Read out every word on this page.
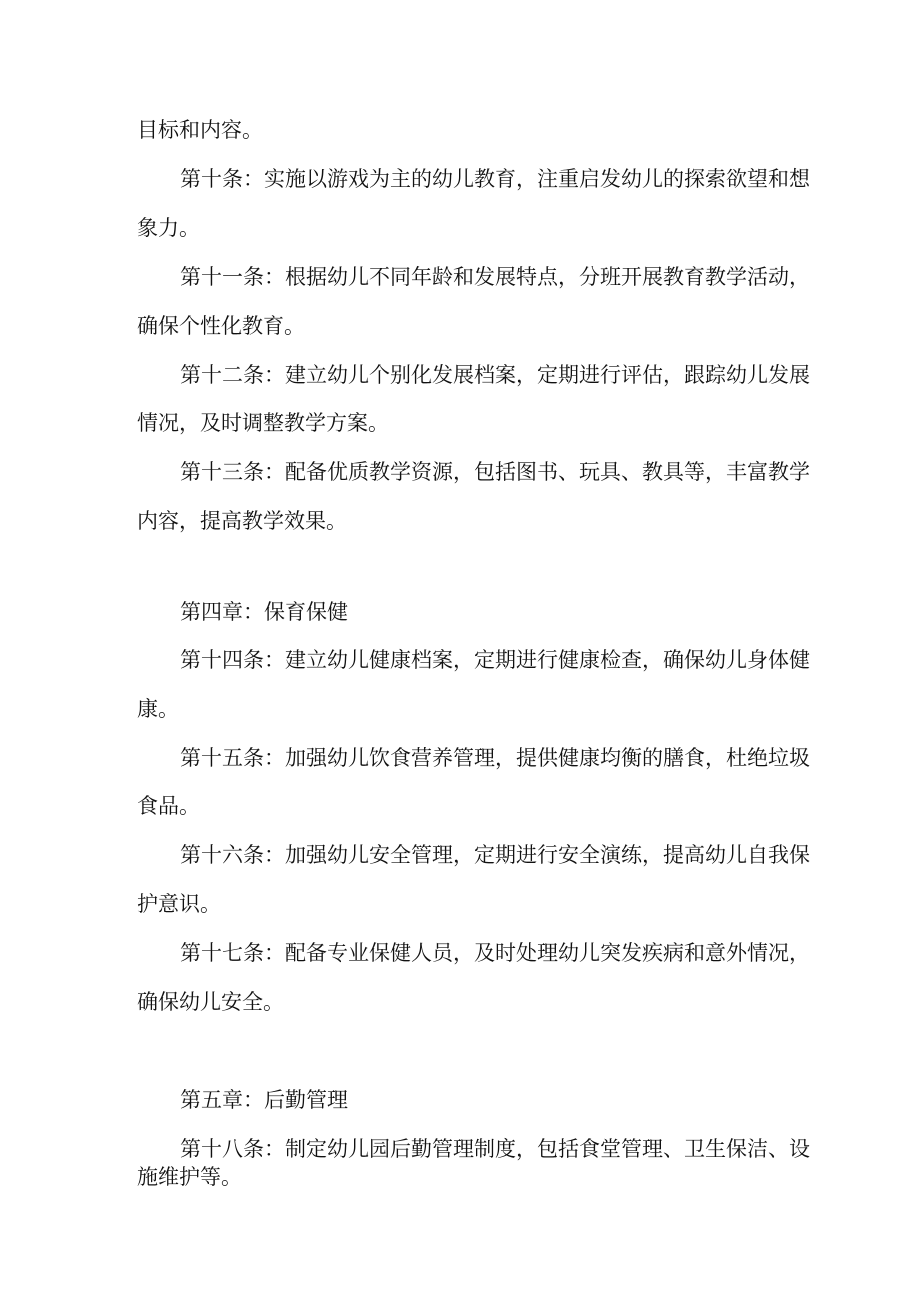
目标和内容。

第十条：实施以游戏为主的幼儿教育，注重启发幼儿的探索欲望和想

象力。

第十一条：根据幼儿不同年龄和发展特点，分班开展教育教学活动，

确保个性化教育。

第十二条：建立幼儿个别化发展档案，定期进行评估，跟踪幼儿发展

情况，及时调整教学方案。

第十三条：配备优质教学资源，包括图书、玩具、教具等，丰富教学

内容，提高教学效果。

第四章：保育保健

第十四条：建立幼儿健康档案，定期进行健康检查，确保幼儿身体健

康。

第十五条：加强幼儿饮食营养管理，提供健康均衡的膳食，杜绝垃圾

食品。

第十六条：加强幼儿安全管理，定期进行安全演练，提高幼儿自我保

护意识。

第十七条：配备专业保健人员，及时处理幼儿突发疾病和意外情况，

确保幼儿安全。

第五章：后勤管理

第十八条：制定幼儿园后勤管理制度，包括食堂管理、卫生保洁、设

施维护等。
